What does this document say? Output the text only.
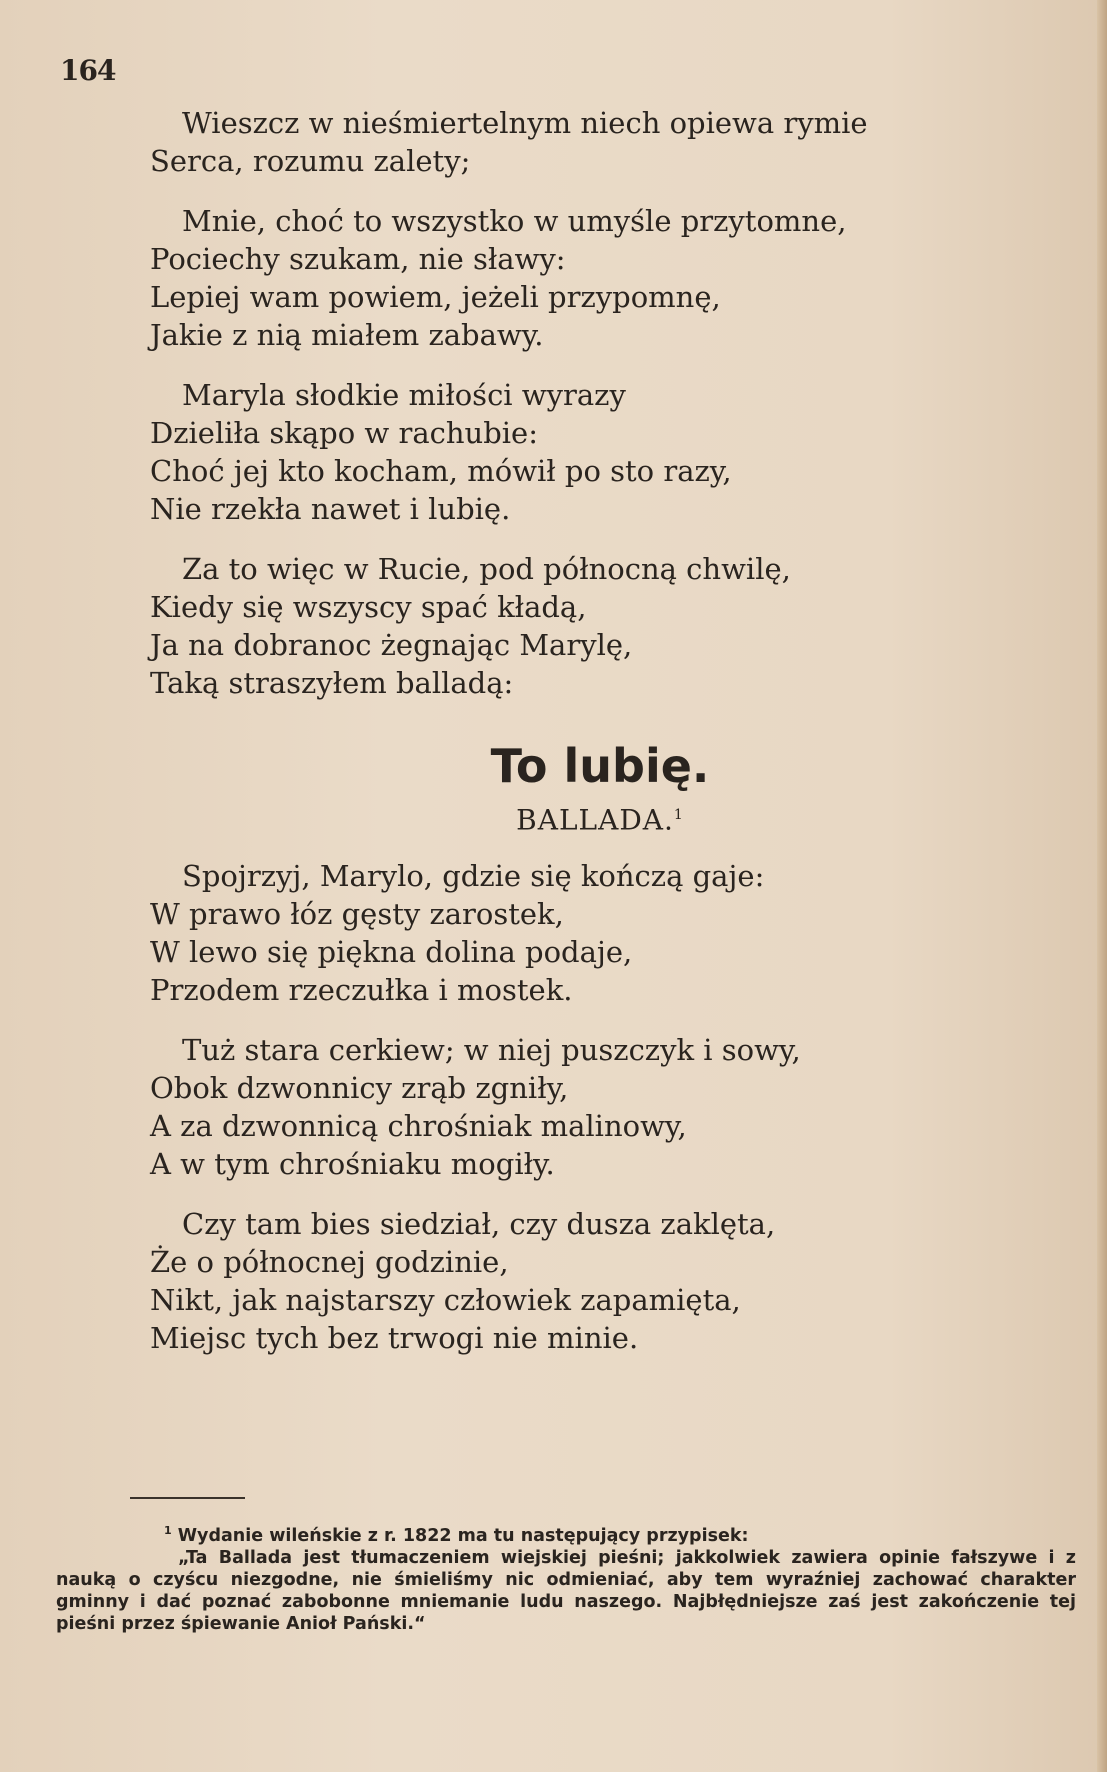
164
Wieszcz w nieśmiertelnym niech opiewa rymie
Serca, rozumu zalety;
Mnie, choć to wszystko w umyśle przytomne,
Pociechy szukam, nie sławy:
Lepiej wam powiem, jeżeli przypomnę,
Jakie z nią miałem zabawy.
Maryla słodkie miłości wyrazy
Dzieliła skąpo w rachubie:
Choć jej kto kocham, mówił po sto razy,
Nie rzekła nawet i lubię.
Za to więc w Rucie, pod północną chwilę,
Kiedy się wszyscy spać kładą,
Ja na dobranoc żegnając Marylę,
Taką straszyłem balladą:
To lubię.
BALLADA.$^1$
Spojrzyj, Marylo, gdzie się kończą gaje:
W prawo łóz gęsty zarostek,
W lewo się piękna dolina podaje,
Przodem rzeczułka i mostek.
Tuż stara cerkiew; w niej puszczyk i sowy,
Obok dzwonnicy zrąb zgniły,
A za dzwonnicą chrośniak malinowy,
A w tym chrośniaku mogiły.
Czy tam bies siedział, czy dusza zaklęta,
Że o północnej godzinie,
Nikt, jak najstarszy człowiek zapamięta,
Miejsc tych bez trwogi nie minie.
$^1$ Wydanie wileńskie z r. 1822 ma tu następujący przypisek:
„Ta Ballada jest tłumaczeniem wiejskiej pieśni; jakkolwiek zawiera opinie fałszywe i z nauką o czyścu niezgodne, nie śmieliśmy nic odmieniać, aby tem wyraźniej zachować charakter gminny i dać poznać zabobonne mniemanie ludu naszego. Najbłędniejsze zaś jest zakończenie tej pieśni przez śpiewanie Anioł Pański.“
